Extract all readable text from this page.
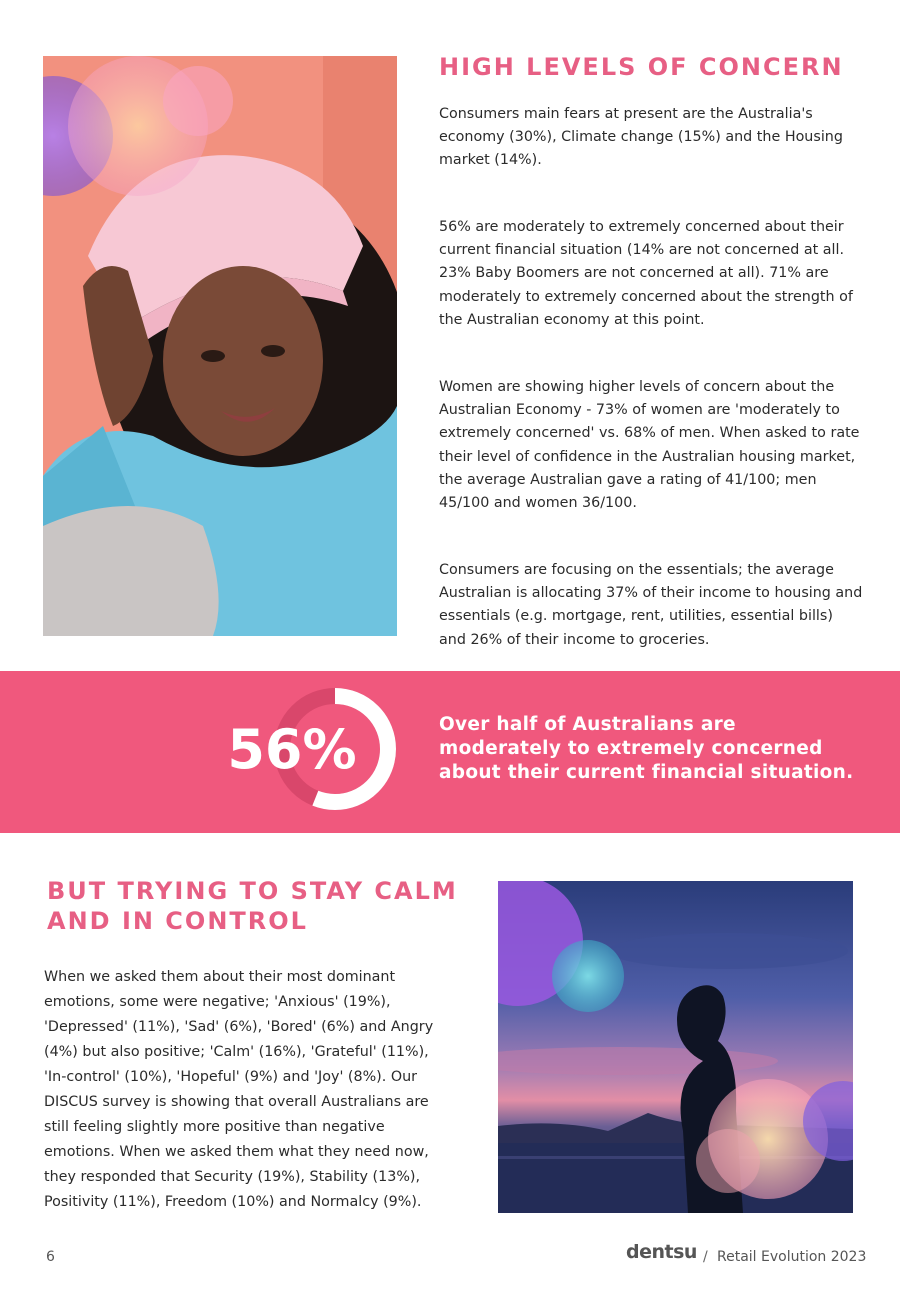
HIGH LEVELS OF CONCERN

Consumers main fears at present are the Australia's economy (30%), Climate change (15%) and the Housing market (14%).

56% are moderately to extremely concerned about their current financial situation (14% are not concerned at all. 23% Baby Boomers are not concerned at all). 71% are moderately to extremely concerned about the strength of the Australian economy at this point.

Women are showing higher levels of concern about the Australian Economy - 73% of women are 'moderately to extremely concerned' vs. 68% of men. When asked to rate their level of confidence in the Australian housing market, the average Australian gave a rating of 41/100; men 45/100 and women 36/100.

Consumers are focusing on the essentials; the average Australian is allocating 37% of their income to housing and essentials (e.g. mortgage, rent, utilities, essential bills) and 26% of their income to groceries.

56%	Over half of Australians are moderately to extremely concerned about their current financial situation.
BUT TRYING TO STAY CALM AND IN CONTROL

When we asked them about their most dominant emotions, some were negative; 'Anxious' (19%), 'Depressed' (11%), 'Sad' (6%), 'Bored' (6%) and Angry (4%) but also positive; 'Calm' (16%), 'Grateful' (11%), 'In-control' (10%), 'Hopeful' (9%) and 'Joy' (8%). Our DISCUS survey is showing that overall Australians are still feeling slightly more positive than negative emotions. When we asked them what they need now, they responded that Security (19%), Stability (13%), Positivity (11%), Freedom (10%) and Normalcy (9%).

6	dentsu / Retail Evolution 2023
